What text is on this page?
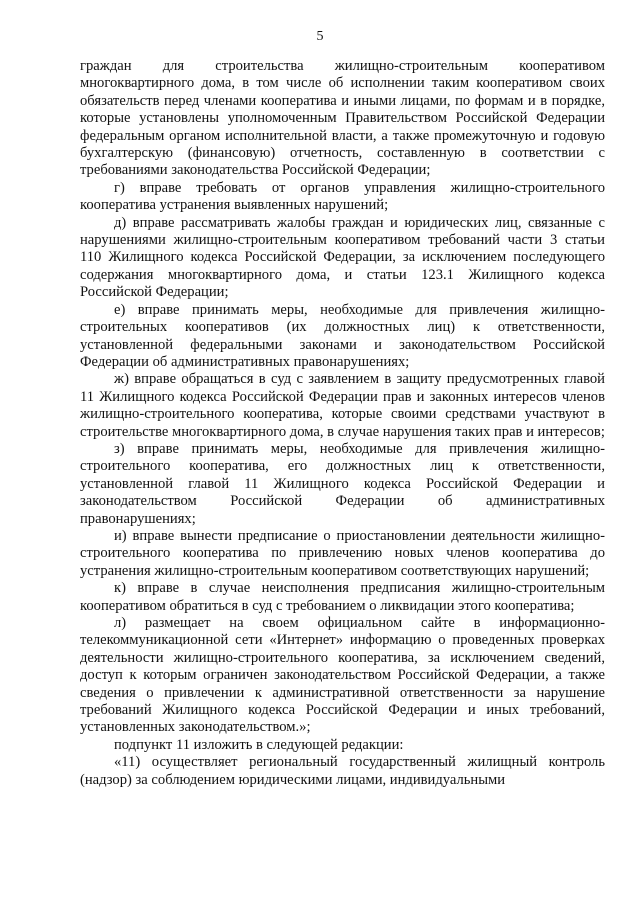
5

граждан для строительства жилищно-строительным кооперативом многоквартирного дома, в том числе об исполнении таким кооперативом своих обязательств перед членами кооператива и иными лицами, по формам и в порядке, которые установлены уполномоченным Правительством Российской Федерации федеральным органом исполнительной власти, а также промежуточную и годовую бухгалтерскую (финансовую) отчетность, составленную в соответствии с требованиями законодательства Российской Федерации;

г) вправе требовать от органов управления жилищно-строительного кооператива устранения выявленных нарушений;

д) вправе рассматривать жалобы граждан и юридических лиц, связанные с нарушениями жилищно-строительным кооперативом требований части 3 статьи 110 Жилищного кодекса Российской Федерации, за исключением последующего содержания многоквартирного дома, и статьи 123.1 Жилищного кодекса Российской Федерации;

е) вправе принимать меры, необходимые для привлечения жилищно-строительных кооперативов (их должностных лиц) к ответственности, установленной федеральными законами и законодательством Российской Федерации об административных правонарушениях;

ж) вправе обращаться в суд с заявлением в защиту предусмотренных главой 11 Жилищного кодекса Российской Федерации прав и законных интересов членов жилищно-строительного кооператива, которые своими средствами участвуют в строительстве многоквартирного дома, в случае нарушения таких прав и интересов;

з) вправе принимать меры, необходимые для привлечения жилищно-строительного кооператива, его должностных лиц к ответственности, установленной главой 11 Жилищного кодекса Российской Федерации и законодательством Российской Федерации об административных правонарушениях;

и) вправе вынести предписание о приостановлении деятельности жилищно-строительного кооператива по привлечению новых членов кооператива до устранения жилищно-строительным кооперативом соответствующих нарушений;

к) вправе в случае неисполнения предписания жилищно-строительным кооперативом обратиться в суд с требованием о ликвидации этого кооператива;

л) размещает на своем официальном сайте в информационно-телекоммуникационной сети «Интернет» информацию о проведенных проверках деятельности жилищно-строительного кооператива, за исключением сведений, доступ к которым ограничен законодательством Российской Федерации, а также сведения о привлечении к административной ответственности за нарушение требований Жилищного кодекса Российской Федерации и иных требований, установленных законодательством.»;

подпункт 11 изложить в следующей редакции:

«11) осуществляет региональный государственный жилищный контроль (надзор) за соблюдением юридическими лицами, индивидуальными
